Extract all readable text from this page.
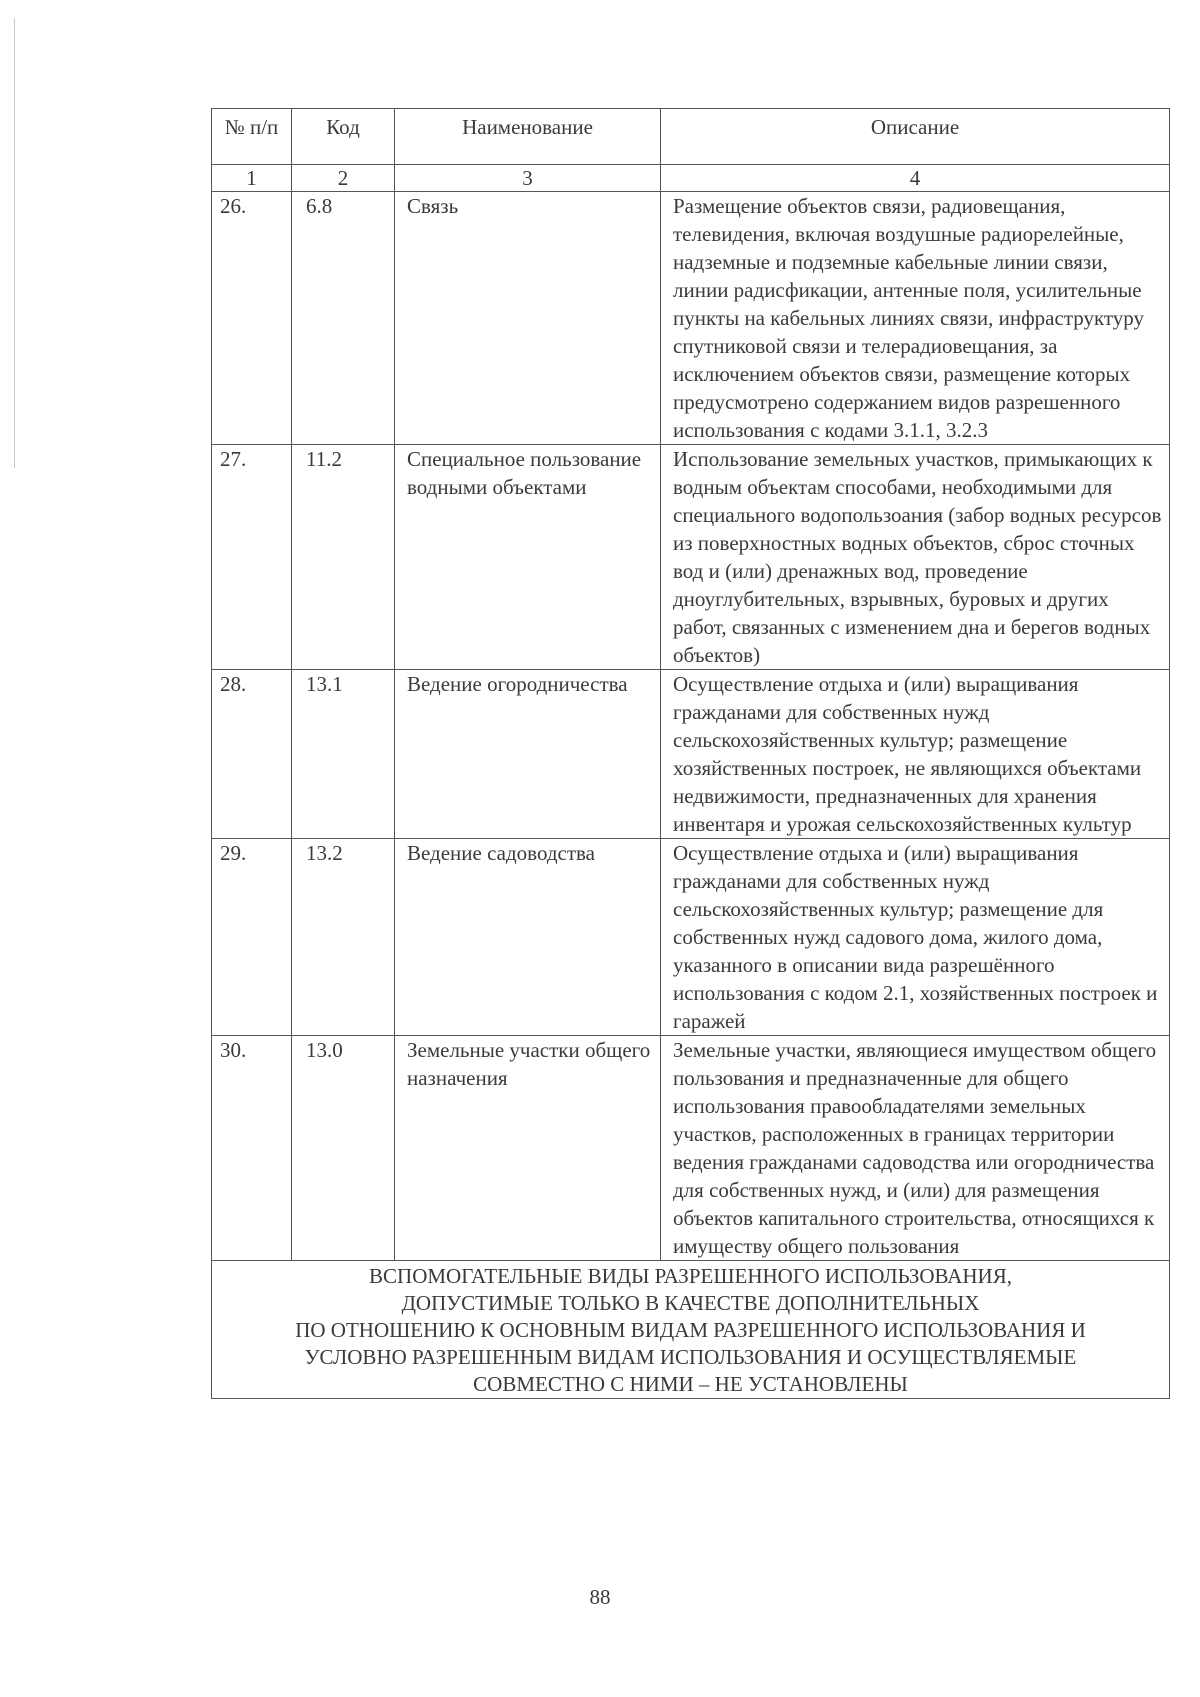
№ п/п	Код	Наименование	Описание
1	2	3	4
26.	6.8	Связь	Размещение объектов связи, радиовещания, телевидения, включая воздушные радиорелейные, надземные и подземные кабельные линии связи, линии радисфикации, антенные поля, усилительные пункты на кабельных линиях связи, инфраструктуру спутниковой связи и телерадиовещания, за исключением объектов связи, размещение которых предусмотрено содержанием видов разрешенного использования с кодами 3.1.1, 3.2.3
27.	11.2	Специальное пользование водными объектами	Использование земельных участков, примыкающих к водным объектам способами, необходимыми для специального водопользоания (забор водных ресурсов из поверхностных водных объектов, сброс сточных вод и (или) дренажных вод, проведение дноуглубительных, взрывных, буровых и других работ, связанных с изменением дна и берегов водных объектов)
28.	13.1	Ведение огородничества	Осуществление отдыха и (или) выращивания гражданами для собственных нужд сельскохозяйственных культур; размещение хозяйственных построек, не являющихся объектами недвижимости, предназначенных для хранения инвентаря и урожая сельскохозяйственных культур
29.	13.2	Ведение садоводства	Осуществление отдыха и (или) выращивания гражданами для собственных нужд сельскохозяйственных культур; размещение для собственных нужд садового дома, жилого дома, указанного в описании вида разрешённого использования с кодом 2.1, хозяйственных построек и гаражей
30.	13.0	Земельные участки общего назначения	Земельные участки, являющиеся имуществом общего пользования и предназначенные для общего использования правообладателями земельных участков, расположенных в границах территории ведения гражданами садоводства или огородничества для собственных нужд, и (или) для размещения объектов капитального строительства, относящихся к имуществу общего пользования

ВСПОМОГАТЕЛЬНЫЕ ВИДЫ РАЗРЕШЕННОГО ИСПОЛЬЗОВАНИЯ,
ДОПУСТИМЫЕ ТОЛЬКО В КАЧЕСТВЕ ДОПОЛНИТЕЛЬНЫХ
ПО ОТНОШЕНИЮ К ОСНОВНЫМ ВИДАМ РАЗРЕШЕННОГО ИСПОЛЬЗОВАНИЯ И
УСЛОВНО РАЗРЕШЕННЫМ ВИДАМ ИСПОЛЬЗОВАНИЯ И ОСУЩЕСТВЛЯЕМЫЕ
СОВМЕСТНО С НИМИ – НЕ УСТАНОВЛЕНЫ			
88
